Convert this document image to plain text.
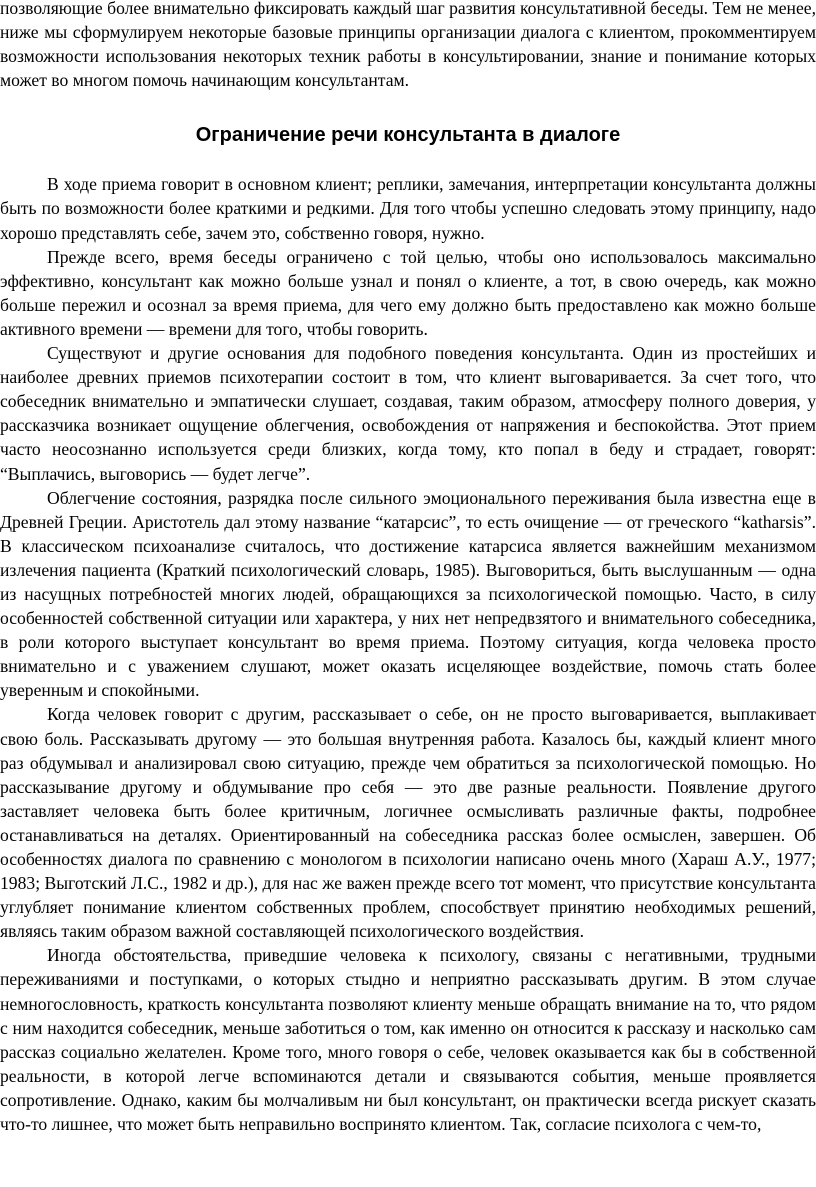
позволяющие более внимательно фиксировать каждый шаг развития консультативной беседы. Тем не менее, ниже мы сформулируем некоторые базовые принципы организации диалога с клиентом, прокомментируем возможности использования некоторых техник работы в консультировании, знание и понимание которых может во многом помочь начинающим консультантам.

Ограничение речи консультанта в диалоге

В ходе приема говорит в основном клиент; реплики, замечания, интерпретации консультанта должны быть по возможности более краткими и редкими. Для того чтобы успешно следовать этому принципу, надо хорошо представлять себе, зачем это, собственно говоря, нужно.

Прежде всего, время беседы ограничено с той целью, чтобы оно использовалось максимально эффективно, консультант как можно больше узнал и понял о клиенте, а тот, в свою очередь, как можно больше пережил и осознал за время приема, для чего ему должно быть предоставлено как можно больше активного времени — времени для того, чтобы говорить.

Существуют и другие основания для подобного поведения консультанта. Один из простейших и наиболее древних приемов психотерапии состоит в том, что клиент выговаривается. За счет того, что собеседник внимательно и эмпатически слушает, создавая, таким образом, атмосферу полного доверия, у рассказчика возникает ощущение облегчения, освобождения от напряжения и беспокойства. Этот прием часто неосознанно используется среди близких, когда тому, кто попал в беду и страдает, говорят: “Выплачись, выговорись — будет легче”.

Облегчение состояния, разрядка после сильного эмоционального переживания была известна еще в Древней Греции. Аристотель дал этому название “катарсис”, то есть очищение — от греческого “katharsis”. В классическом психоанализе считалось, что достижение катарсиса является важнейшим механизмом излечения пациента (Краткий психологический словарь, 1985). Выговориться, быть выслушанным — одна из насущных потребностей многих людей, обращающихся за психологической помощью. Часто, в силу особенностей собственной ситуации или характера, у них нет непредвзятого и внимательного собеседника, в роли которого выступает консультант во время приема. Поэтому ситуация, когда человека просто внимательно и с уважением слушают, может оказать исцеляющее воздействие, помочь стать более уверенным и спокойными.

Когда человек говорит с другим, рассказывает о себе, он не просто выговаривается, выплакивает свою боль. Рассказывать другому — это большая внутренняя работа. Казалось бы, каждый клиент много раз обдумывал и анализировал свою ситуацию, прежде чем обратиться за психологической помощью. Но рассказывание другому и обдумывание про себя — это две разные реальности. Появление другого заставляет человека быть более критичным, логичнее осмысливать различные факты, подробнее останавливаться на деталях. Ориентированный на собеседника рассказ более осмыслен, завершен. Об особенностях диалога по сравнению с монологом в психологии написано очень много (Хараш А.У., 1977; 1983; Выготский Л.С., 1982 и др.), для нас же важен прежде всего тот момент, что присутствие консультанта углубляет понимание клиентом собственных проблем, способствует принятию необходимых решений, являясь таким образом важной составляющей психологического воздействия.

Иногда обстоятельства, приведшие человека к психологу, связаны с негативными, трудными переживаниями и поступками, о которых стыдно и неприятно рассказывать другим. В этом случае немногословность, краткость консультанта позволяют клиенту меньше обращать внимание на то, что рядом с ним находится собеседник, меньше заботиться о том, как именно он относится к рассказу и насколько сам рассказ социально желателен. Кроме того, много говоря о себе, человек оказывается как бы в собственной реальности, в которой легче вспоминаются детали и связываются события, меньше проявляется сопротивление. Однако, каким бы молчаливым ни был консультант, он практически всегда рискует сказать что-то лишнее, что может быть неправильно воспринято клиентом. Так, согласие психолога с чем-то,
